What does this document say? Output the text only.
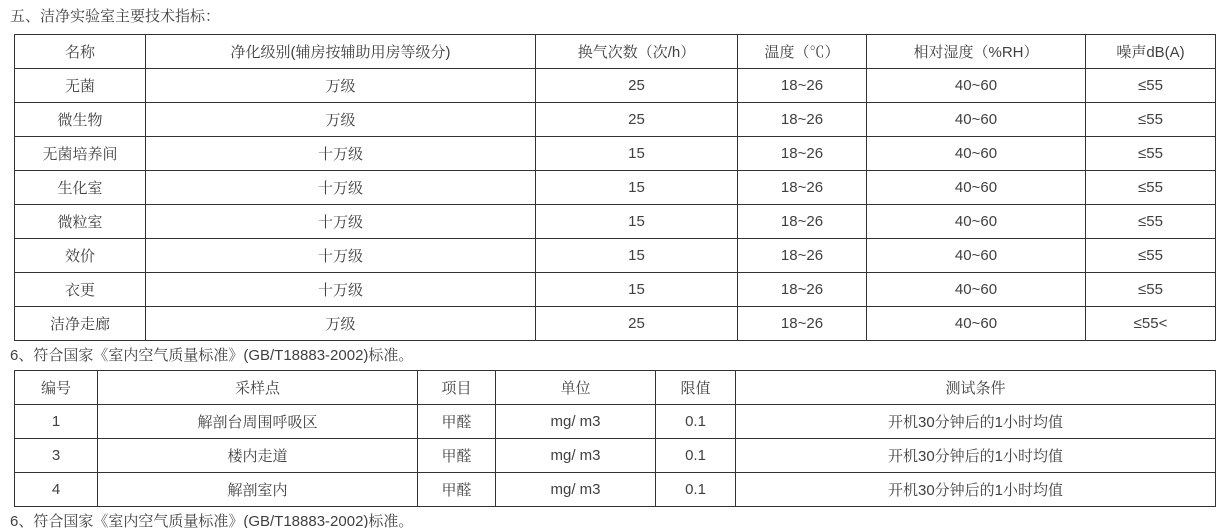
五、洁净实验室主要技术指标：

名称	净化级别(辅房按辅助用房等级分)	换气次数（次/h）	温度（℃）	相对湿度（%RH）	噪声dB(A)
无菌	万级	25	18~26	40~60	≤55
微生物	万级	25	18~26	40~60	≤55
无菌培养间	十万级	15	18~26	40~60	≤55
生化室	十万级	15	18~26	40~60	≤55
微粒室	十万级	15	18~26	40~60	≤55
效价	十万级	15	18~26	40~60	≤55
衣更	十万级	15	18~26	40~60	≤55
洁净走廊	万级	25	18~26	40~60	≤55<

6、符合国家《室内空气质量标准》(GB/T18883-2002)标准。

编号	采样点	项目	单位	限值	测试条件
1	解剖台周围呼吸区	甲醛	mg/ m3	0.1	开机30分钟后的1小时均值
3	楼内走道	甲醛	mg/ m3	0.1	开机30分钟后的1小时均值
4	解剖室内	甲醛	mg/ m3	0.1	开机30分钟后的1小时均值

6、符合国家《室内空气质量标准》(GB/T18883-2002)标准。
